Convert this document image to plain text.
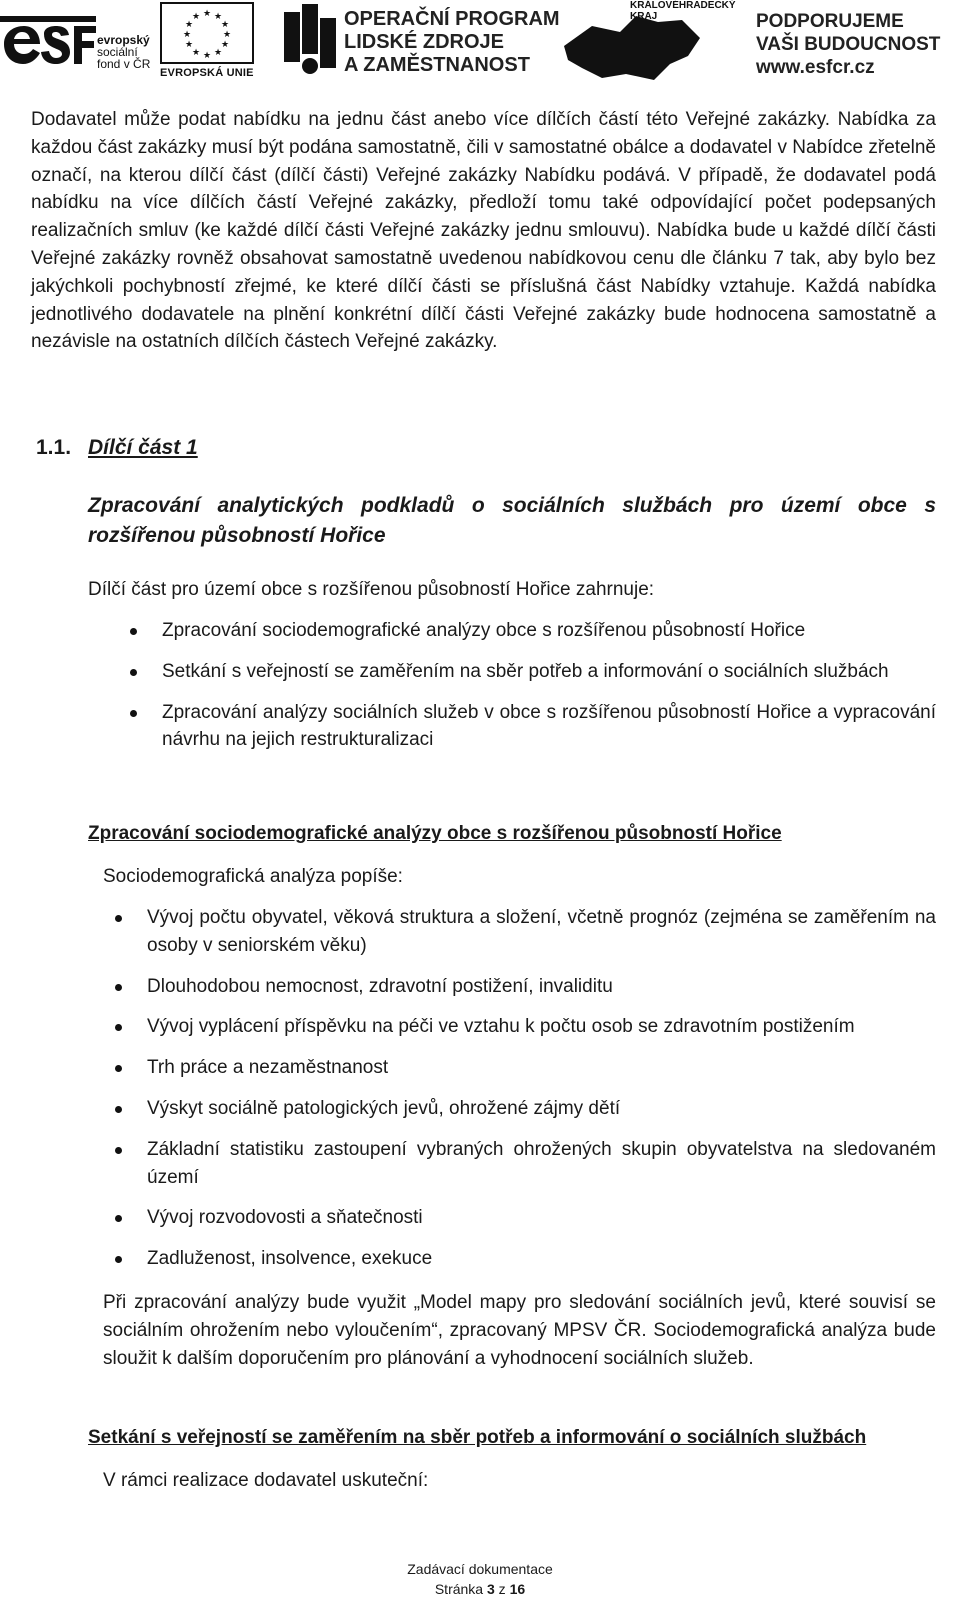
evropský
sociální
fond v ČR
★ ★
★
★
★
★
★
★
★
★
★
★
EVROPSKÁ UNIE
OPERAČNÍ PROGRAM
LIDSKÉ ZDROJE
A ZAMĚSTNANOST
KRÁLOVÉHRADECKÝ
KRAJ	PODPORUJEME
VAŠI BUDOUCNOST
www.esfcr.cz
Dodavatel může podat nabídku na jednu část anebo více dílčích částí této Veřejné zakázky. Nabídka za každou část zakázky musí být podána samostatně, čili v samostatné obálce a dodavatel v Nabídce zřetelně označí, na kterou dílčí část (dílčí části) Veřejné zakázky Nabídku podává. V případě, že dodavatel podá nabídku na více dílčích částí Veřejné zakázky, předloží tomu také odpovídající počet podepsaných realizačních smluv (ke každé dílčí části Veřejné zakázky jednu smlouvu). Nabídka bude u každé dílčí části Veřejné zakázky rovněž obsahovat samostatně uvedenou nabídkovou cenu dle článku 7 tak, aby bylo bez jakýchkoli pochybností zřejmé, ke které dílčí části se příslušná část Nabídky vztahuje. Každá nabídka jednotlivého dodavatele na plnění konkrétní dílčí části Veřejné zakázky bude hodnocena samostatně a nezávisle na ostatních dílčích částech Veřejné zakázky.
1.1. Dílčí část 1
Zpracování analytických podkladů o sociálních službách pro území obce s rozšířenou působností Hořice
Dílčí část pro území obce s rozšířenou působností Hořice zahrnuje:
Zpracování sociodemografické analýzy obce s rozšířenou působností Hořice
Setkání s veřejností se zaměřením na sběr potřeb a informování o sociálních službách
Zpracování analýzy sociálních služeb v obce s rozšířenou působností Hořice a vypracování návrhu na jejich restrukturalizaci
Zpracování sociodemografické analýzy obce s rozšířenou působností Hořice
Sociodemografická analýza popíše:
Vývoj počtu obyvatel, věková struktura a složení, včetně prognóz (zejména se zaměřením na osoby v seniorském věku)
Dlouhodobou nemocnost, zdravotní postižení, invaliditu
Vývoj vyplácení příspěvku na péči ve vztahu k počtu osob se zdravotním postižením
Trh práce a nezaměstnanost
Výskyt sociálně patologických jevů, ohrožené zájmy dětí
Základní statistiku zastoupení vybraných ohrožených skupin obyvatelstva na sledovaném území
Vývoj rozvodovosti a sňatečnosti
Zadluženost, insolvence, exekuce
Při zpracování analýzy bude využit „Model mapy pro sledování sociálních jevů, které souvisí se sociálním ohrožením nebo vyloučením“, zpracovaný MPSV ČR. Sociodemografická analýza bude sloužit k dalším doporučením pro plánování a vyhodnocení sociálních služeb.
Setkání s veřejností se zaměřením na sběr potřeb a informování o sociálních službách
V rámci realizace dodavatel uskuteční:
Zadávací dokumentace
Stránka 3 z 16
